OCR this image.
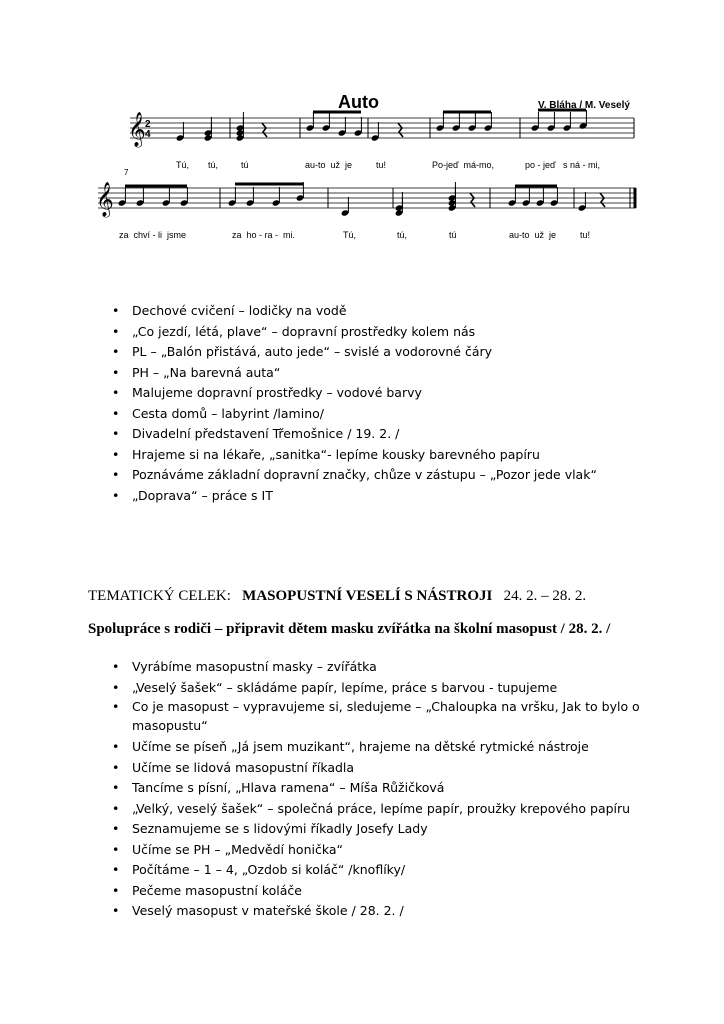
𝄞 2
4
𝄞
Auto	V. Bláha / M. Veselý
7
Tú, tú,	tú	au-to  už  je	tu!	Po-jeď  má-mo,	po - jeď   s ná - mi,
za  chví - li  jsme	za  ho - ra -  mi.	Tú,	tú,	tú	au-to  už  je	tu!
• Dechové cvičení – lodičky na vodě
• „Co jezdí, létá, plave“ – dopravní prostředky kolem nás
• PL – „Balón přistává, auto jede“ – svislé a vodorovné čáry
• PH – „Na barevná auta“
• Malujeme dopravní prostředky – vodové barvy
• Cesta domů – labyrint /lamino/
• Divadelní představení Třemošnice / 19. 2. /
• Hrajeme si na lékaře, „sanitka“- lepíme kousky barevného papíru
• Poznáváme základní dopravní značky, chůze v zástupu – „Pozor jede vlak“
• „Doprava“ – práce s IT
TEMATICKÝ CELEK: MASOPUSTNÍ VESELÍ S NÁSTROJI 24. 2. – 28. 2.
Spolupráce s rodiči – připravit dětem masku zvířátka na školní masopust / 28. 2. /
• Vyrábíme masopustní masky – zvířátka
• „Veselý šašek“ – skládáme papír, lepíme, práce s barvou - tupujeme
• Co je masopust – vypravujeme si, sledujeme – „Chaloupka na vršku, Jak to bylo o masopustu“
• Učíme se píseň „Já jsem muzikant“, hrajeme na dětské rytmické nástroje
• Učíme se lidová masopustní říkadla
• Tancíme s písní, „Hlava ramena“ – Míša Růžičková
• „Velký, veselý šašek“ – společná práce, lepíme papír, proužky krepového papíru
• Seznamujeme se s lidovými říkadly Josefy Lady
• Učíme se PH – „Medvědí honička“
• Počítáme – 1 – 4, „Ozdob si koláč“ /knoflíky/
• Pečeme masopustní koláče
• Veselý masopust v mateřské škole / 28. 2. /
